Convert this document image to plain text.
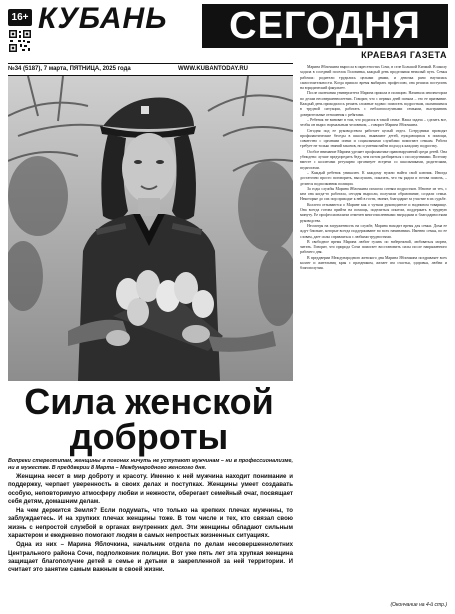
16+ КУБАНЬ	СЕГОДНЯ
КРАЕВАЯ ГАЗЕТА
№34 (5187), 7 марта, ПЯТНИЦА, 2025 года	WWW.KUBANTODAY.RU
Сила женской
доброты
Вопреки стереотипам, женщины в погонах ничуть не уступают мужчинам – ни в профессионализме, ни в мужестве. В преддверии 8 Марта – Международного женского дня.

Женщина несет в мир доброту и красоту. Именно к ней мужчина находит понимание и поддержку, черпает уверенность в своих делах и поступках. Женщины умеет создавать особую, неповторимую атмосферу любви и нежности, оберегает семейный очаг, посвящает себя детям, домашним делам.

На чем держится Земля? Если подумать, что только на крепких плечах мужчины, то заблуждаетесь. И на хрупких плечах женщины тоже. В том числе и тех, кто связал свою жизнь с непростой службой в органах внутренних дел. Эти женщины обладают сильным характером и ежедневно помогают людям в самых непростых жизненных ситуациях.

Одна из них – Марина Яблочкина, начальник отдела по делам несовершеннолетних Центрального района Сочи, подполковник полиции. Вот уже пять лет эта хрупкая женщина защищает благополучие детей в семье и детьми в закрепленной за ней территории. И считает это занятие самым важным в своей жизни.

Марина Яблочкина выросла в окрестностях Сочи, в селе Большой Кичмай. В школу ходила в соседний поселок Головинка, каждый день проделывая немалый путь. Семья рабочих: родители трудились целыми днями, и девочка рано научилась самостоятельности. Когда пришло время выбирать профессию, она решила поступить на юридический факультет.

После окончания университета Марина пришла в полицию. Начинала инспектором по делам несовершеннолетних. Говорит, что с первых дней поняла – это ее призвание. Каждый день приходилось решать сложные задачи: помогать подросткам, оказавшимся в трудной ситуации, работать с неблагополучными семьями, выстраивать доверительные отношения с ребятами.

– Ребенок не виноват в том, что родился в такой семье. Наша задача – сделать все, чтобы он вырос нормальным человеком, – говорит Марина Яблочкина.

Сегодня под ее руководством работает целый отдел. Сотрудники проводят профилактические беседы в школах, выявляют детей, нуждающихся в помощи, совместно с органами опеки и социальными службами помогают семьям. Работа требует не только знаний законов, но и умения найти подход к каждому подростку.

Особое внимание Марина уделяет профилактике правонарушений среди детей. Она убеждена: лучше предупредить беду, чем потом разбираться с последствиями. Поэтому вместе с коллегами регулярно организует встречи со школьниками, родителями, педагогами.

– Каждый ребенок уникален. К каждому нужно найти свой ключик. Иногда достаточно просто поговорить, выслушать, показать, что ты рядом и готова помочь, – делится подполковник полиции.

За годы службы Марина Яблочкина помогла сотням подростков. Многие из тех, с кем она когда-то работала, сегодня выросли, получили образование, создали семьи. Некоторые до сих пор приходят к ней в гости, звонят, благодарят за участие в их судьбе.

Коллеги отзываются о Марине как о чутком руководителе и надежном товарище. Она всегда готова прийти на помощь, поделиться опытом, поддержать в трудную минуту. Ее профессионализм отмечен многочисленными наградами и благодарностями руководства.

Несмотря на загруженность на службе, Марина находит время для семьи. Дома ее ждут близкие, которые всегда поддерживают во всех начинаниях. Именно семья, по ее словам, дает силы справляться с любыми трудностями.

В свободное время Марина любит гулять по набережной, любоваться морем, читать. Говорит, что природа Сочи помогает восстановить силы после напряженного рабочего дня.

В преддверии Международного женского дня Марина Яблочкина поздравляет всех коллег и жительниц края с праздником, желает им счастья, здоровья, любви и благополучия.

(Окончание на 4-й стр.)
